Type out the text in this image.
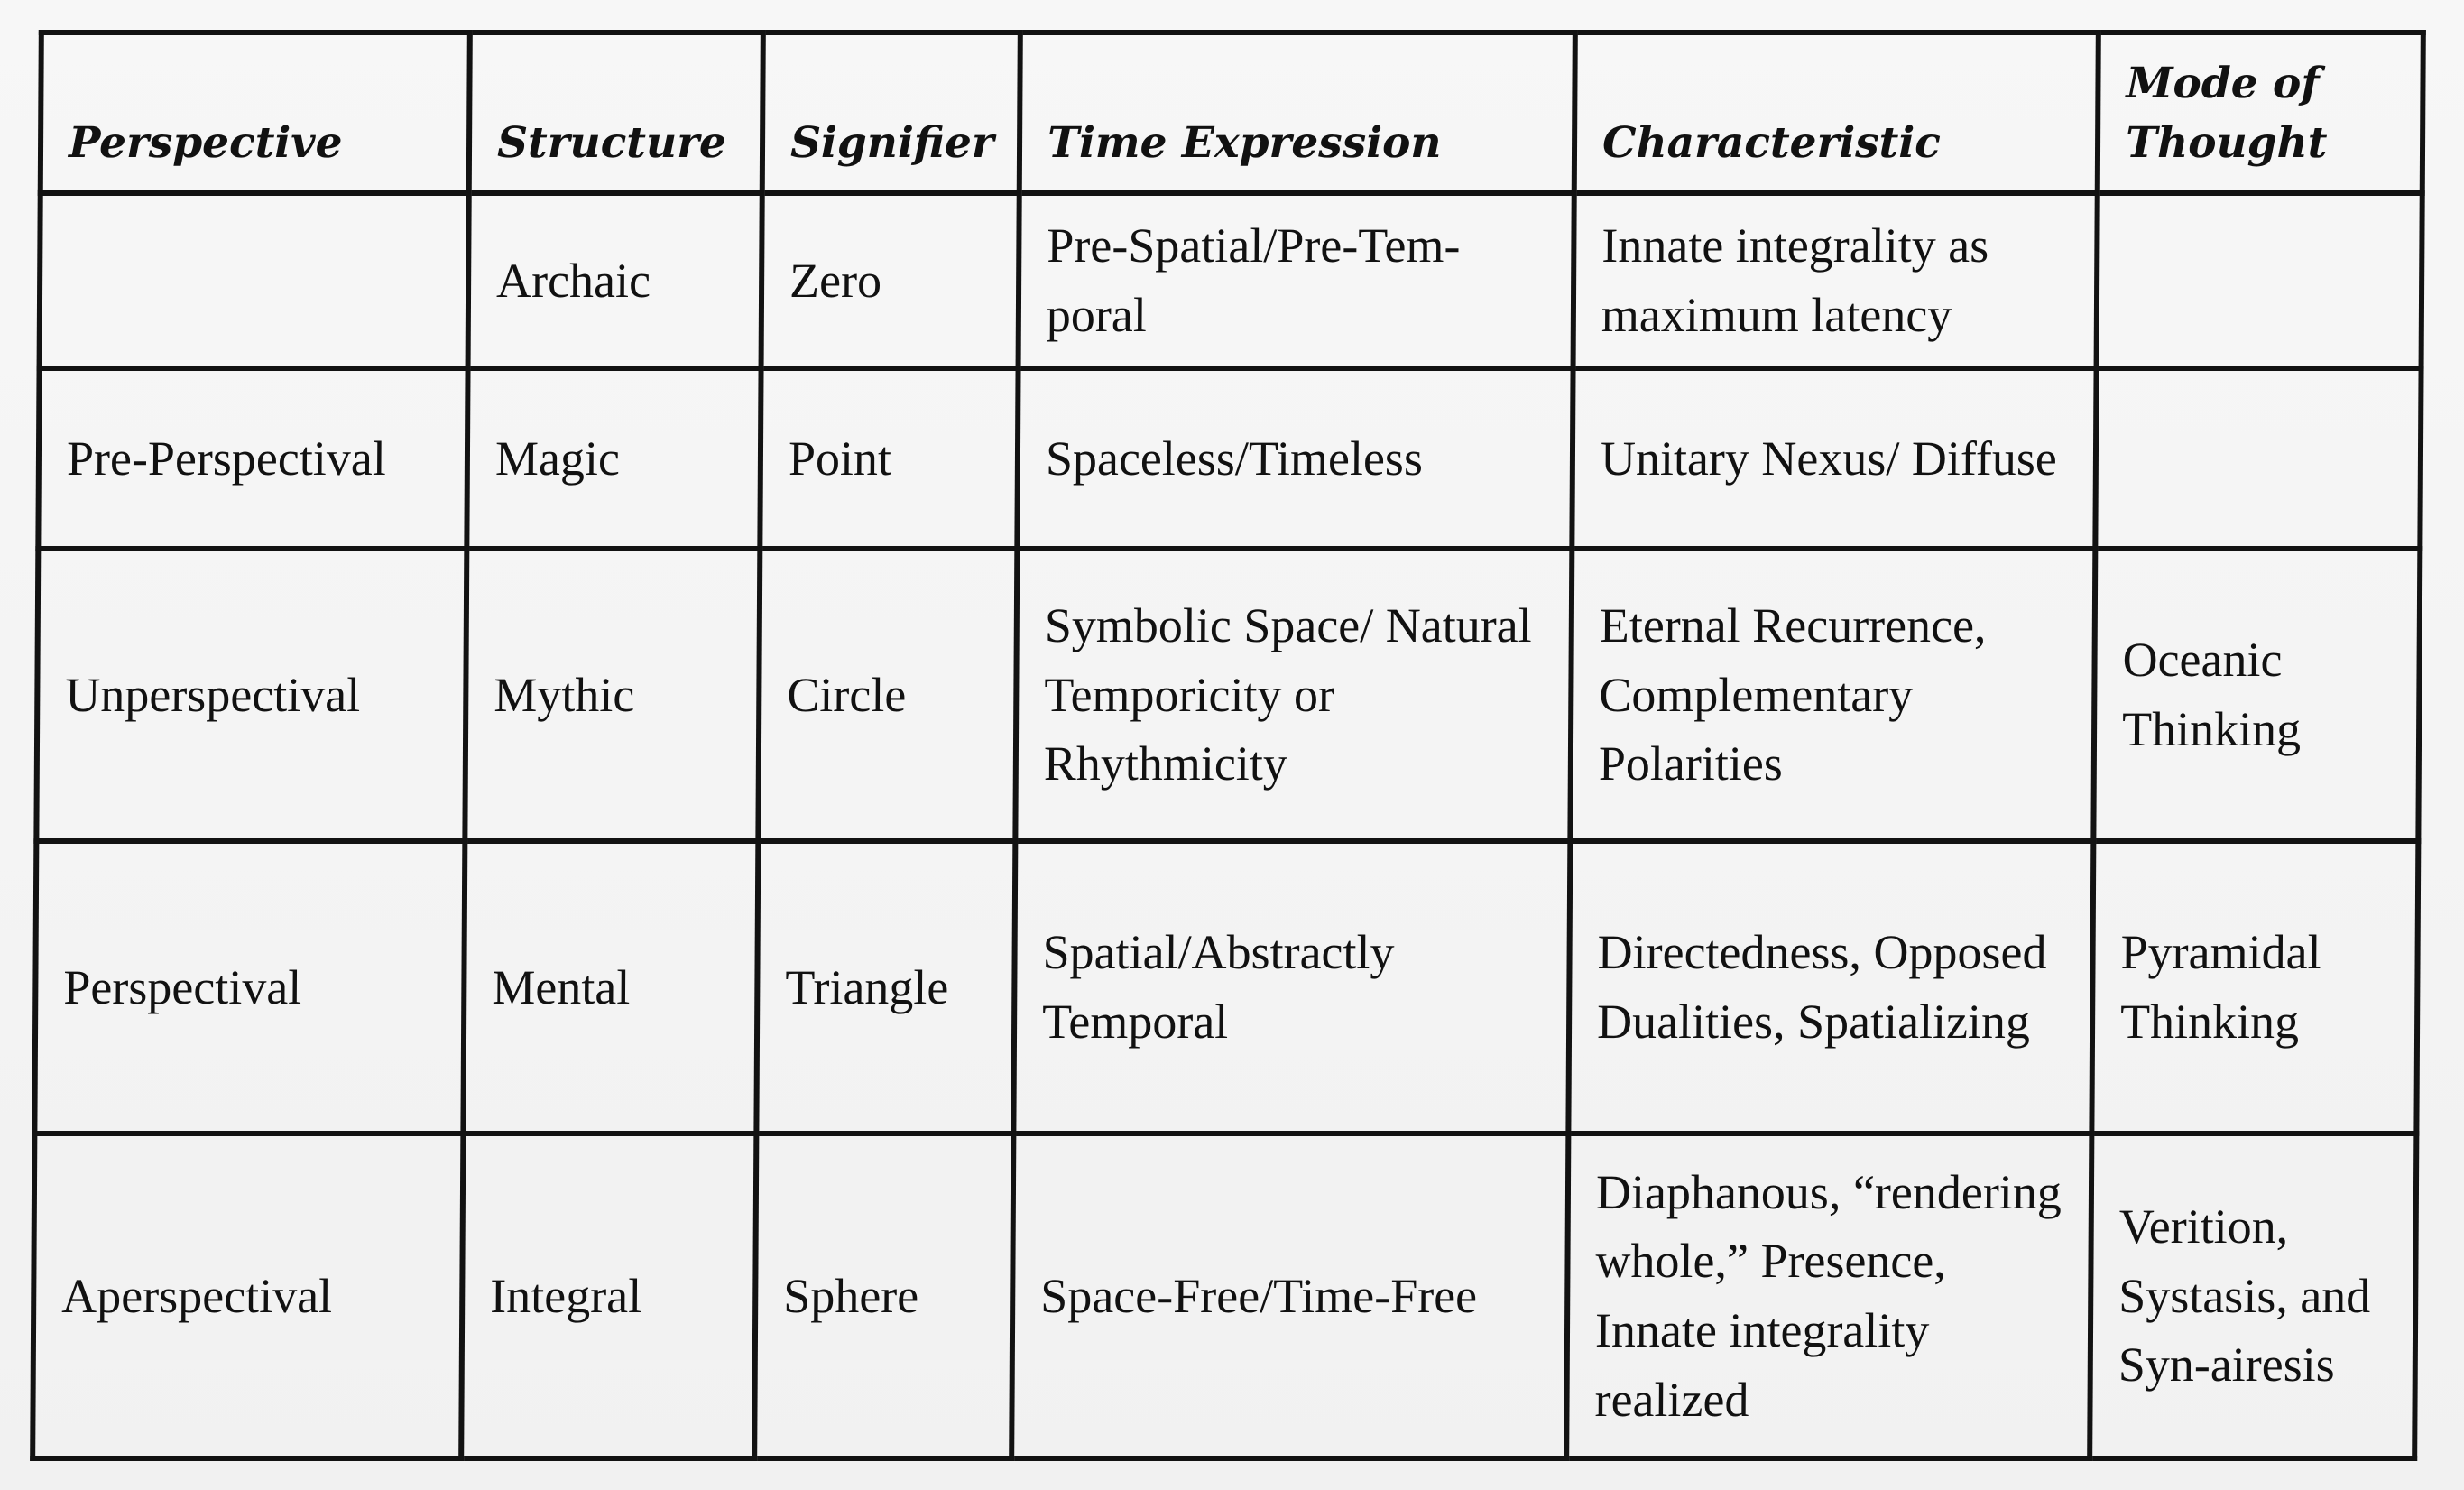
Perspective	Structure	Signifier	Time Expression	Characteristic	Mode of Thought
	Archaic	Zero	Pre-Spatial/Pre-Tem-poral	Innate integrality as maximum latency	
Pre-Perspectival	Magic	Point	Spaceless/Timeless	Unitary Nexus/ Diffuse	
Unperspectival	Mythic	Circle	Symbolic Space/ Natural Temporicity or Rhythmicity	Eternal Recurrence, Complementary Polarities	Oceanic Thinking
Perspectival	Mental	Triangle	Spatial/Abstractly Temporal	Directedness, Opposed Dualities, Spatializing	Pyramidal Thinking
Aperspectival	Integral	Sphere	Space-Free/Time-Free	Diaphanous, “rendering whole,” Presence, Innate integrality realized	Verition, Systasis, and Syn-airesis
